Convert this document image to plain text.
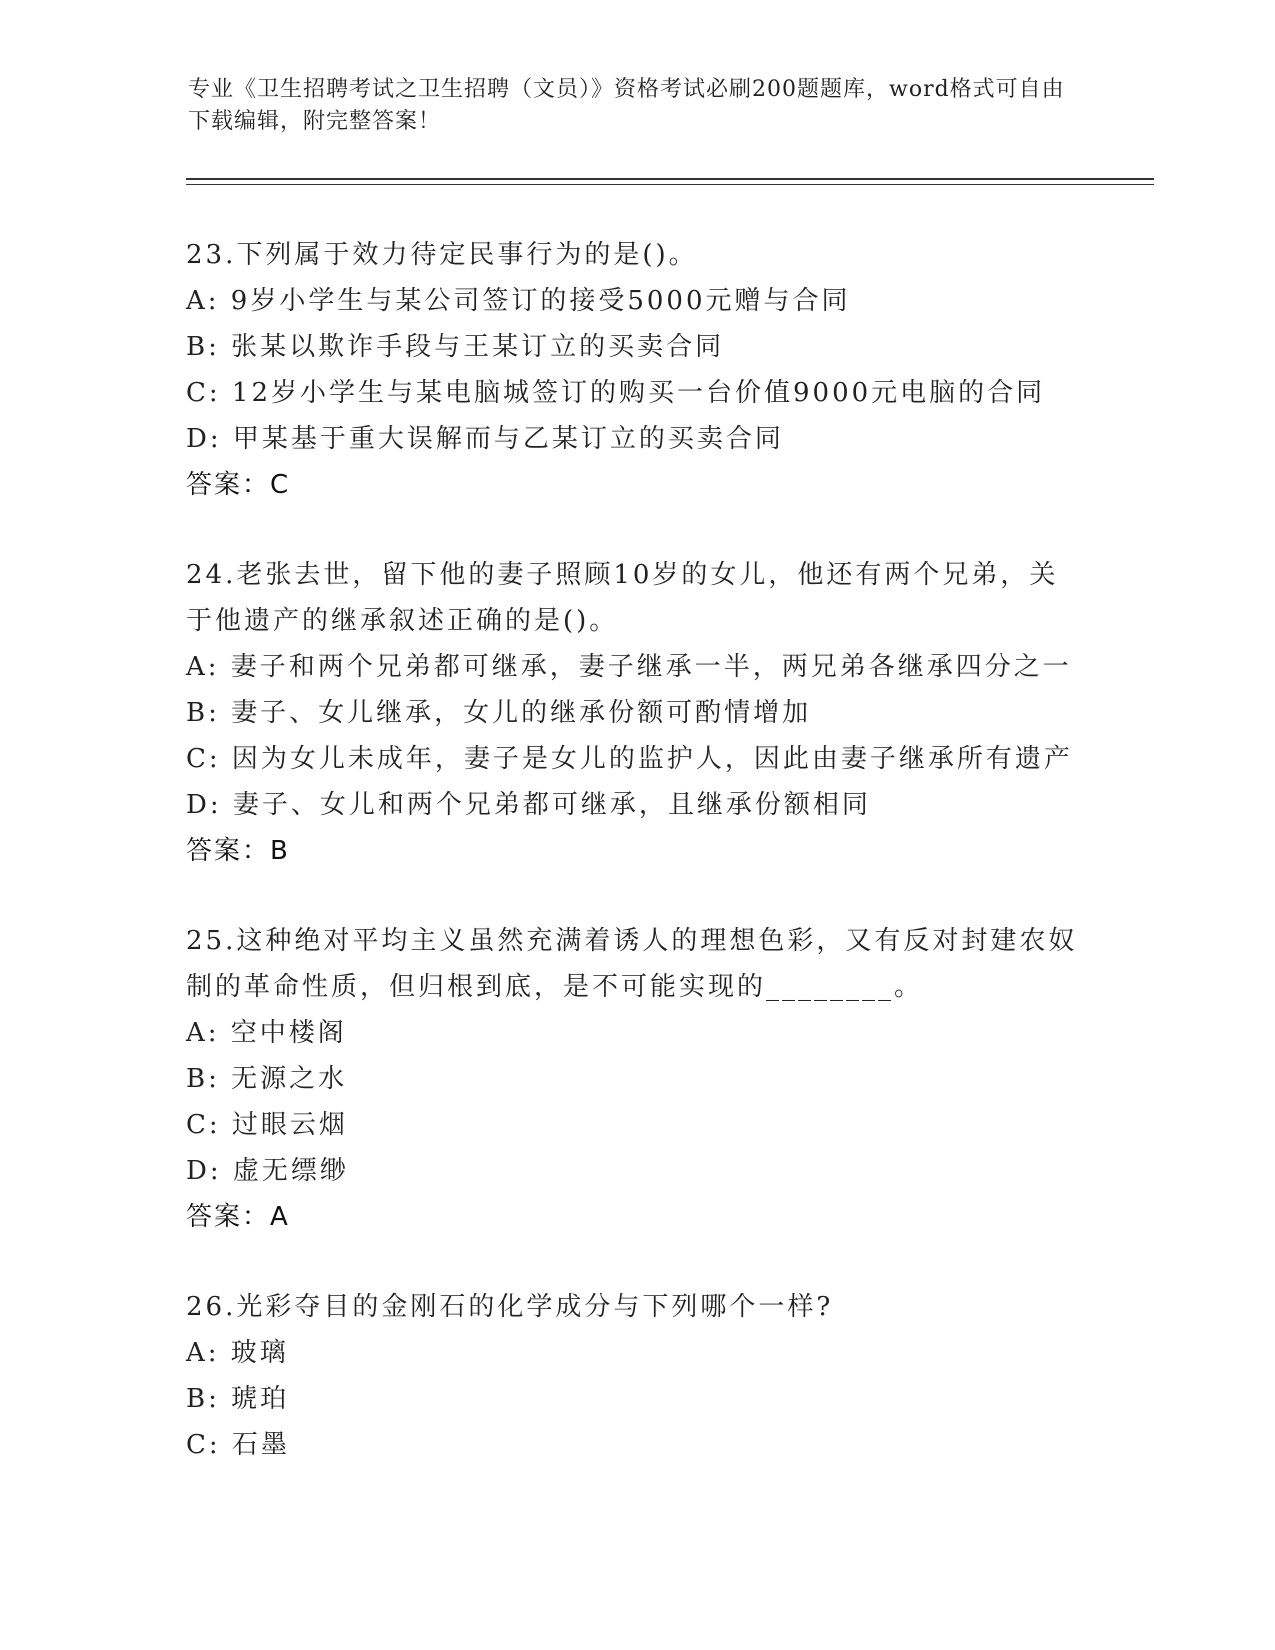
专业《卫生招聘考试之卫生招聘（文员）》资格考试必刷200题题库，word格式可自由下载编辑，附完整答案！
23.下列属于效力待定民事行为的是()。
A: 9岁小学生与某公司签订的接受5000元赠与合同
B: 张某以欺诈手段与王某订立的买卖合同
C: 12岁小学生与某电脑城签订的购买一台价值9000元电脑的合同
D: 甲某基于重大误解而与乙某订立的买卖合同
答案：C
24.老张去世，留下他的妻子照顾10岁的女儿，他还有两个兄弟，关于他遗产的继承叙述正确的是()。
A: 妻子和两个兄弟都可继承，妻子继承一半，两兄弟各继承四分之一
B: 妻子、女儿继承，女儿的继承份额可酌情增加
C: 因为女儿未成年，妻子是女儿的监护人，因此由妻子继承所有遗产
D: 妻子、女儿和两个兄弟都可继承，且继承份额相同
答案：B
25.这种绝对平均主义虽然充满着诱人的理想色彩，又有反对封建农奴制的革命性质，但归根到底，是不可能实现的________。
A: 空中楼阁
B: 无源之水
C: 过眼云烟
D: 虚无缥缈
答案：A
26.光彩夺目的金刚石的化学成分与下列哪个一样?
A: 玻璃
B: 琥珀
C: 石墨
